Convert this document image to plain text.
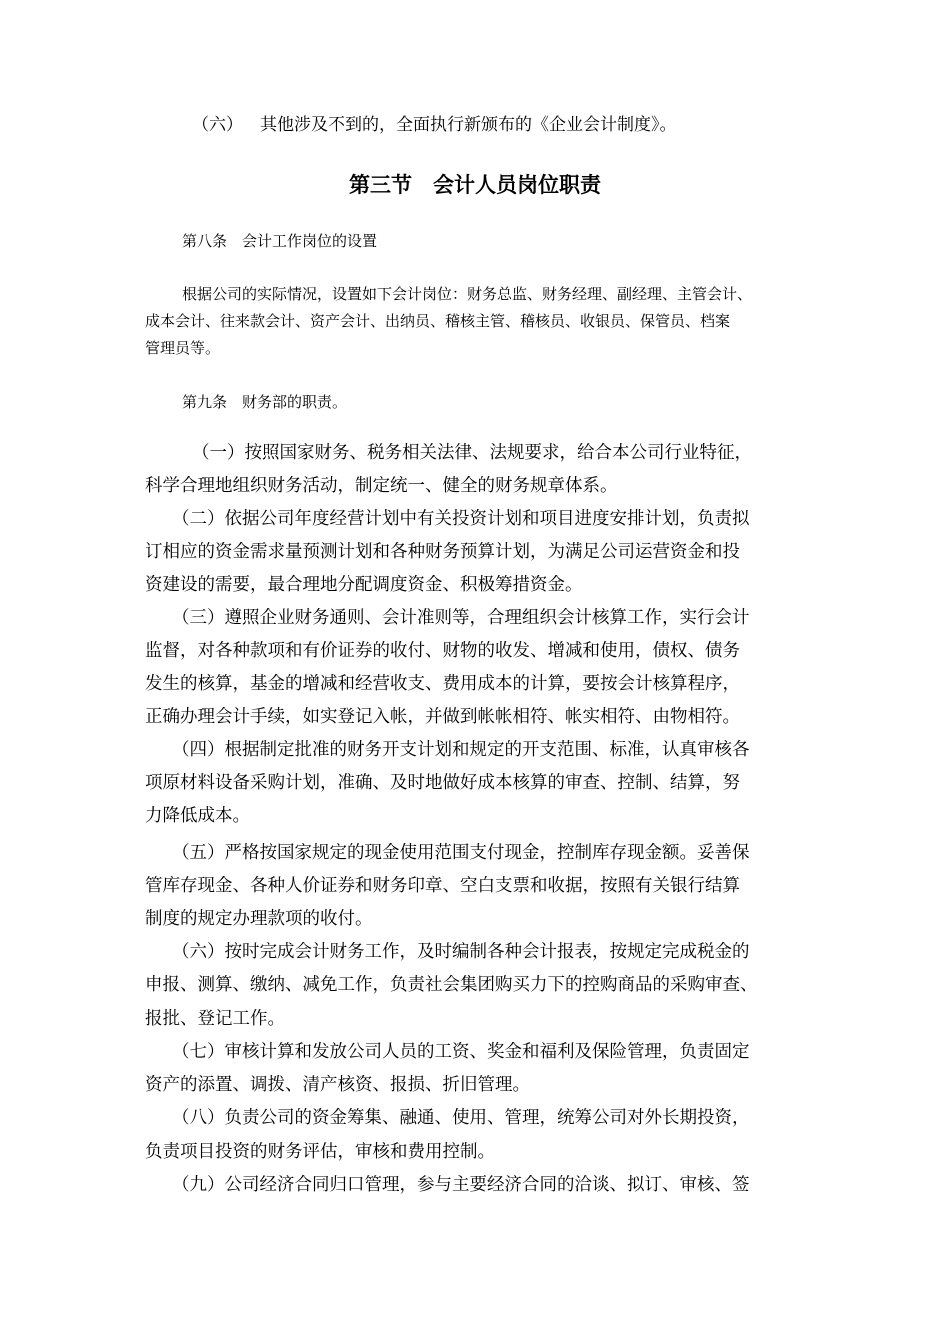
（六） 其他涉及不到的，全面执行新颁布的《企业会计制度》。
第三节　会计人员岗位职责
第八条　会计工作岗位的设置
根据公司的实际情况，设置如下会计岗位：财务总监、财务经理、副经理、主管会计、
成本会计、往来款会计、资产会计、出纳员、稽核主管、稽核员、收银员、保管员、档案
管理员等。
第九条　财务部的职责。
（一）按照国家财务、税务相关法律、法规要求，给合本公司行业特征，
科学合理地组织财务活动，制定统一、健全的财务规章体系。
（二）依据公司年度经营计划中有关投资计划和项目进度安排计划，负责拟
订相应的资金需求量预测计划和各种财务预算计划，为满足公司运营资金和投
资建设的需要，最合理地分配调度资金、积极筹措资金。
（三）遵照企业财务通则、会计准则等，合理组织会计核算工作，实行会计
监督，对各种款项和有价证券的收付、财物的收发、增减和使用，债权、债务
发生的核算，基金的增减和经营收支、费用成本的计算，要按会计核算程序，
正确办理会计手续，如实登记入帐，并做到帐帐相符、帐实相符、由物相符。
（四）根据制定批准的财务开支计划和规定的开支范围、标准，认真审核各
项原材料设备采购计划，准确、及时地做好成本核算的审查、控制、结算，努
力降低成本。
（五）严格按国家规定的现金使用范围支付现金，控制库存现金额。妥善保
管库存现金、各种人价证券和财务印章、空白支票和收据，按照有关银行结算
制度的规定办理款项的收付。
（六）按时完成会计财务工作，及时编制各种会计报表，按规定完成税金的
申报、测算、缴纳、减免工作，负责社会集团购买力下的控购商品的采购审查、
报批、登记工作。
（七）审核计算和发放公司人员的工资、奖金和福利及保险管理，负责固定
资产的添置、调拨、清产核资、报损、折旧管理。
（八）负责公司的资金筹集、融通、使用、管理，统筹公司对外长期投资，
负责项目投资的财务评估，审核和费用控制。
（九）公司经济合同归口管理，参与主要经济合同的洽谈、拟订、审核、签
